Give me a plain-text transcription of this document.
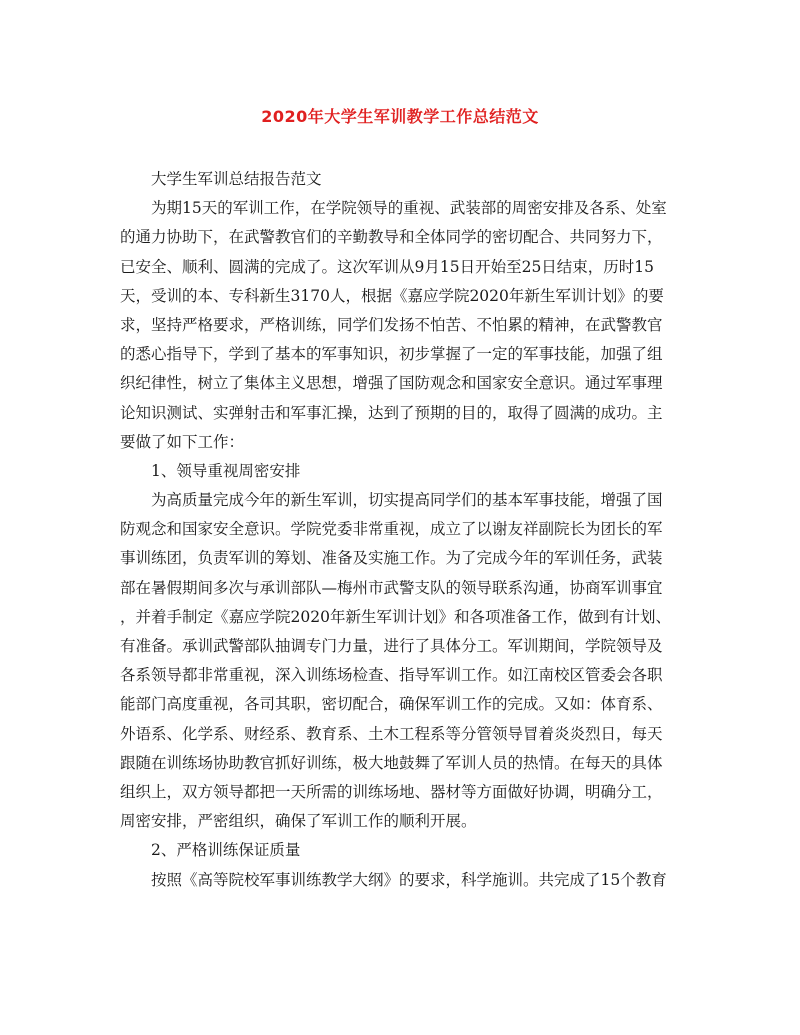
2020年大学生军训教学工作总结范文
大学生军训总结报告范文
为期15天的军训工作，在学院领导的重视、武装部的周密安排及各系、处室
的通力协助下，在武警教官们的辛勤教导和全体同学的密切配合、共同努力下，
已安全、顺利、圆满的完成了。这次军训从9月15日开始至25日结束，历时15
天，受训的本、专科新生3170人，根据《嘉应学院2020年新生军训计划》的要
求，坚持严格要求，严格训练，同学们发扬不怕苦、不怕累的精神，在武警教官
的悉心指导下，学到了基本的军事知识，初步掌握了一定的军事技能，加强了组
织纪律性，树立了集体主义思想，增强了国防观念和国家安全意识。通过军事理
论知识测试、实弹射击和军事汇操，达到了预期的目的，取得了圆满的成功。主
要做了如下工作：
1、领导重视周密安排
为高质量完成今年的新生军训，切实提高同学们的基本军事技能，增强了国
防观念和国家安全意识。学院党委非常重视，成立了以谢友祥副院长为团长的军
事训练团，负责军训的筹划、准备及实施工作。为了完成今年的军训任务，武装
部在暑假期间多次与承训部队—梅州市武警支队的领导联系沟通，协商军训事宜
，并着手制定《嘉应学院2020年新生军训计划》和各项准备工作，做到有计划、
有准备。承训武警部队抽调专门力量，进行了具体分工。军训期间，学院领导及
各系领导都非常重视，深入训练场检查、指导军训工作。如江南校区管委会各职
能部门高度重视，各司其职，密切配合，确保军训工作的完成。又如：体育系、
外语系、化学系、财经系、教育系、土木工程系等分管领导冒着炎炎烈日，每天
跟随在训练场协助教官抓好训练，极大地鼓舞了军训人员的热情。在每天的具体
组织上，双方领导都把一天所需的训练场地、器材等方面做好协调，明确分工，
周密安排，严密组织，确保了军训工作的顺利开展。
2、严格训练保证质量
按照《高等院校军事训练教学大纲》的要求，科学施训。共完成了15个教育
